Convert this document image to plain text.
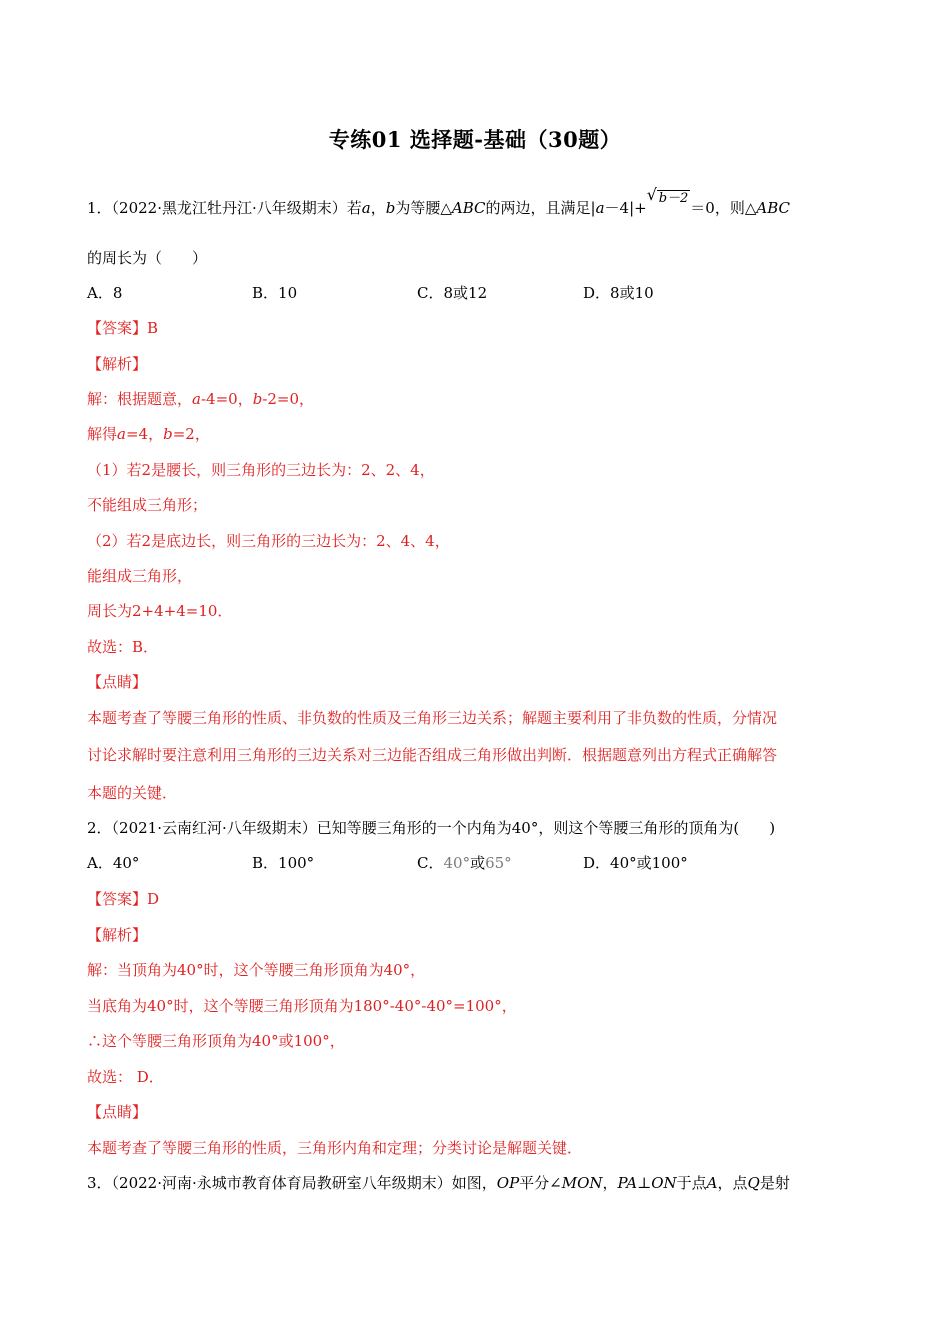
专练01 选择题-基础（30题）
1．（2022·黑龙江牡丹江·八年级期末）若a，b为等腰△ABC的两边，且满足|a－4|+
√ b－2＝0，则△ABC
的周长为（　　）
A．8	B．10	C．8或12	D．8或10
【答案】B
【解析】
解：根据题意，a-4=0，b-2=0，
解得a=4，b=2，
（1）若2是腰长，则三角形的三边长为：2、2、4，
不能组成三角形；
（2）若2是底边长，则三角形的三边长为：2、4、4，
能组成三角形，
周长为2+4+4=10．
故选：B．
【点睛】
本题考查了等腰三角形的性质、非负数的性质及三角形三边关系；解题主要利用了非负数的性质，分情况
讨论求解时要注意利用三角形的三边关系对三边能否组成三角形做出判断．根据题意列出方程式正确解答
本题的关键．
2．（2021·云南红河·八年级期末）已知等腰三角形的一个内角为40°，则这个等腰三角形的顶角为(　　)
A．40°	B．100°	C．40°或65°	D．40°或100°
【答案】D
【解析】
解：当顶角为40°时，这个等腰三角形顶角为40°，
当底角为40°时，这个等腰三角形顶角为180°-40°-40°=100°，
∴这个等腰三角形顶角为40°或100°，
故选： D．
【点睛】
本题考查了等腰三角形的性质，三角形内角和定理；分类讨论是解题关键．
3．（2022·河南·永城市教育体育局教研室八年级期末）如图，OP平分∠MON，PA⊥ON于点A，点Q是射
